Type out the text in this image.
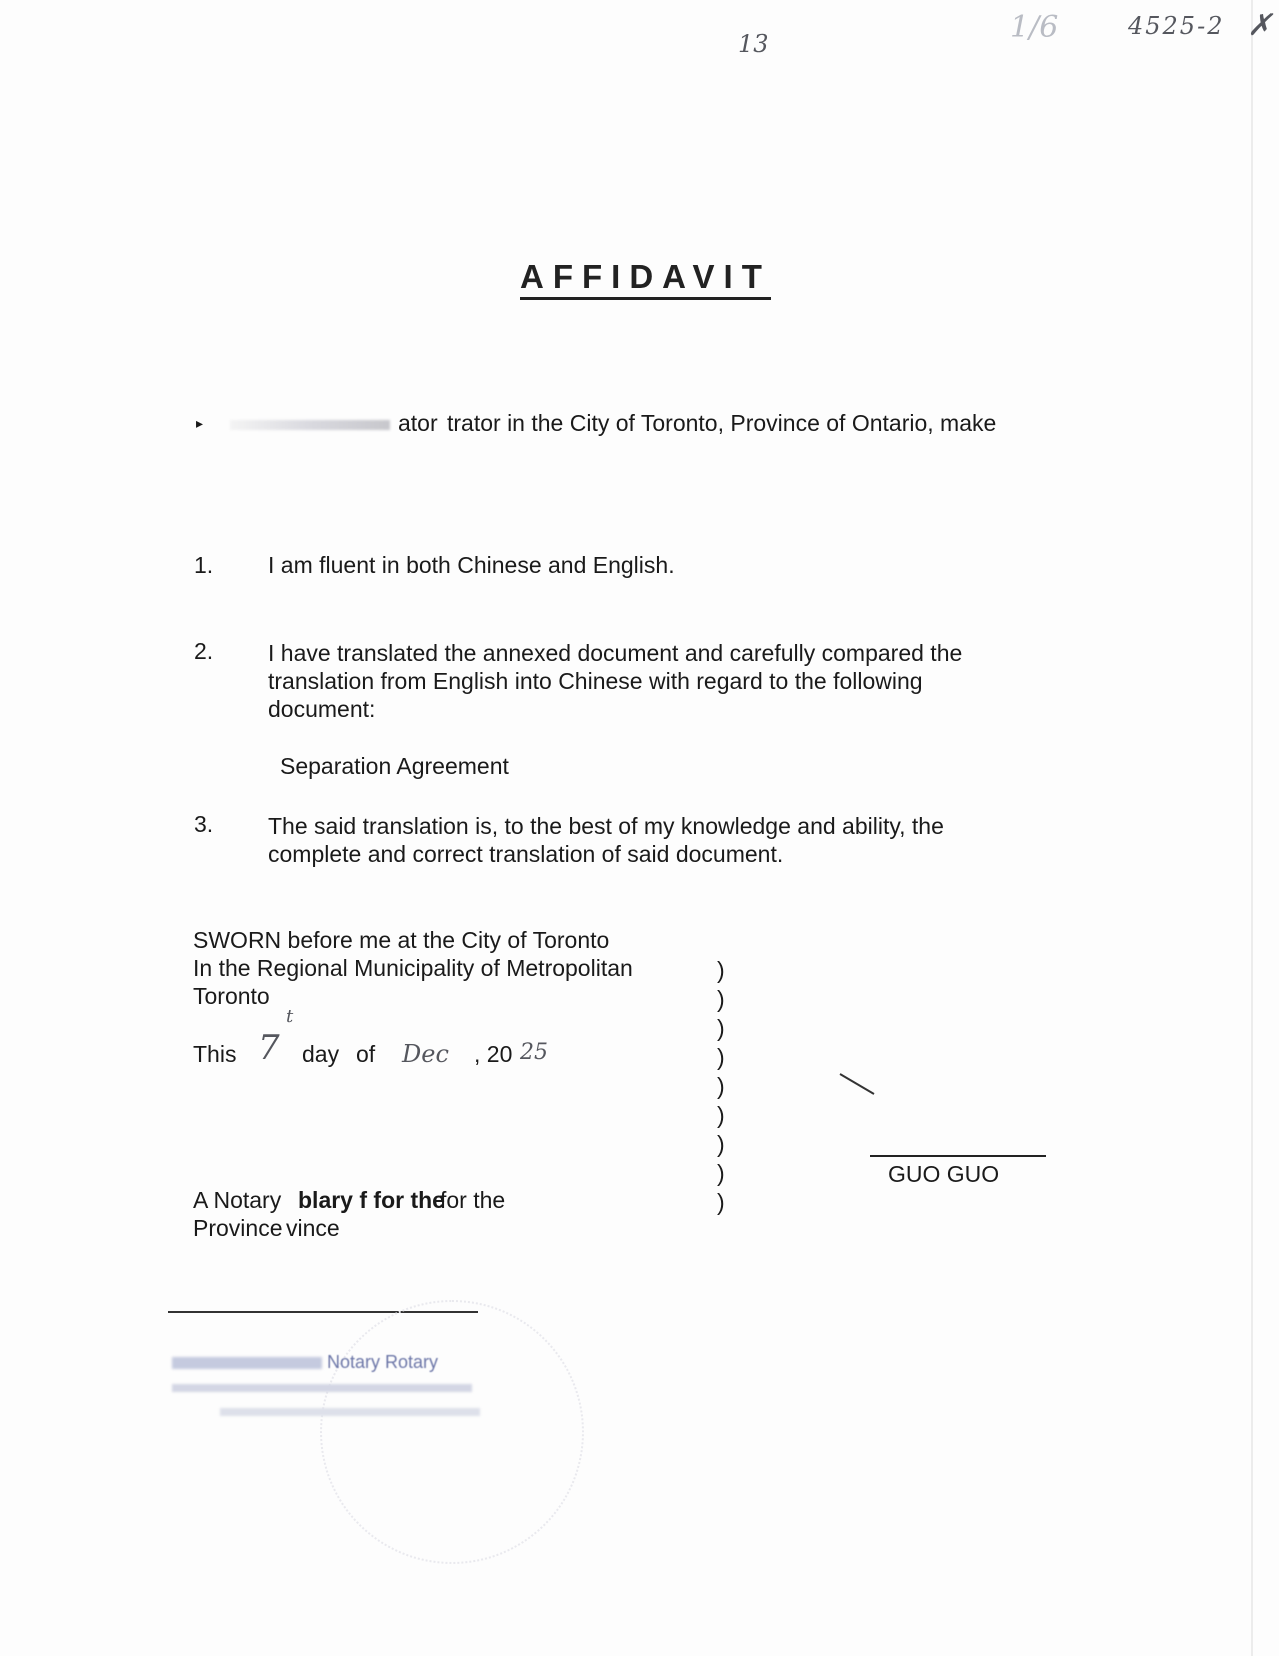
13	1/6	4525-2 ✗
AFFIDAVIT
▸	ator trator in the City of Toronto, Province of Ontario, make
1.	I am fluent in both Chinese and English.
2.	I have translated the annexed document and carefully compared the
translation from English into Chinese with regard to the following
document:
Separation Agreement
3.	The said translation is, to the best of my knowledge and ability, the
complete and correct translation of said document.
SWORN before me at the City of Toronto
In the Regional Municipality of Metropolitan
Toronto
This 7
t
day of Dec , 20 25
A Notary blary f for the
for the
Province vince
)
)
)
)
)
)
)
)
)
GUO GUO
Notary Rotary
